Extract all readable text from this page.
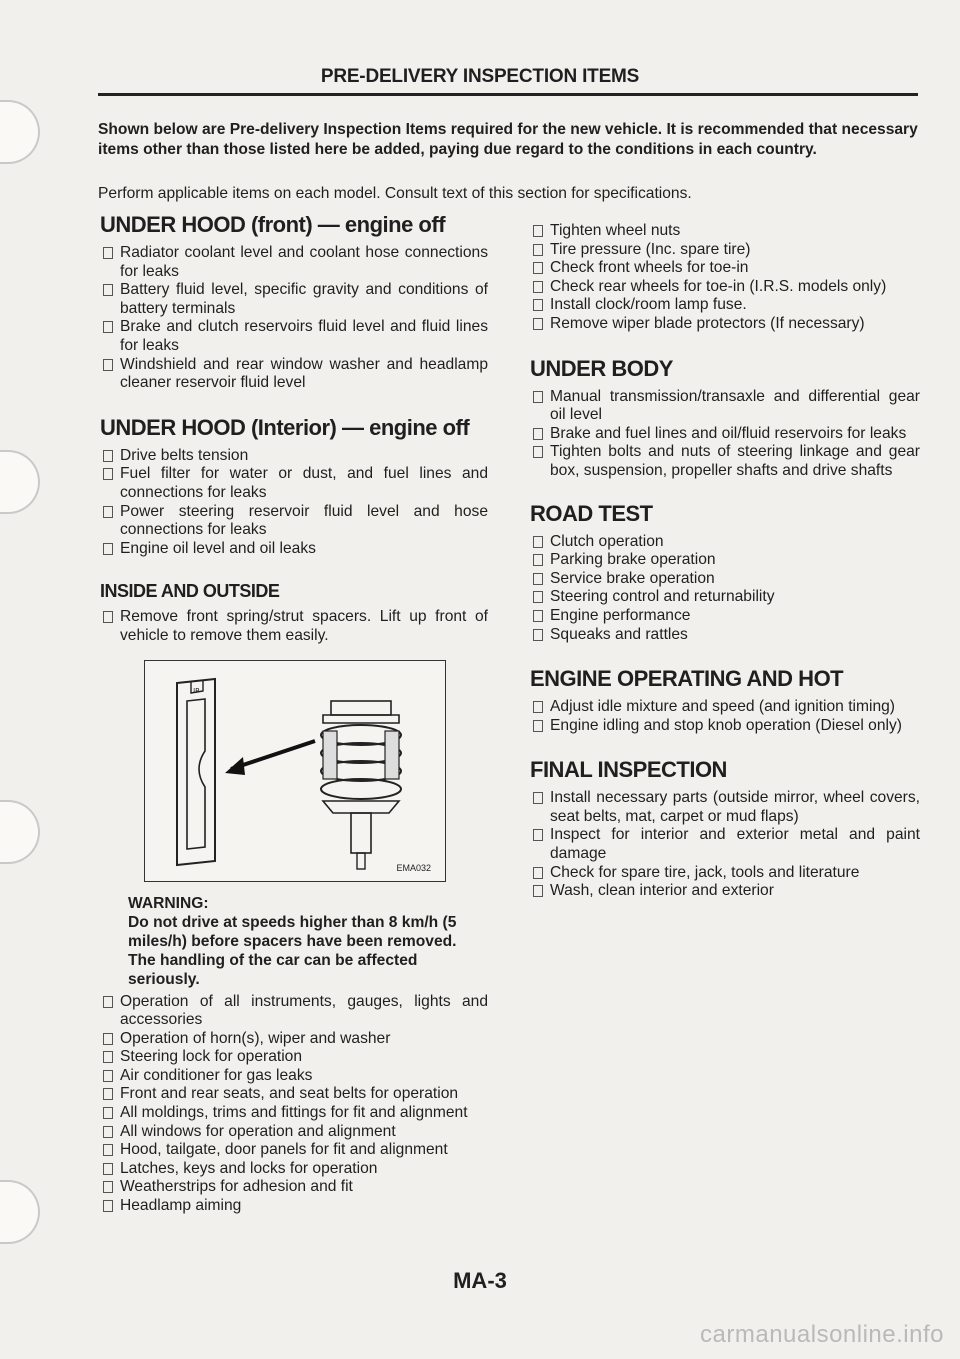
PRE-DELIVERY INSPECTION ITEMS

Shown below are Pre-delivery Inspection Items required for the new vehicle. It is recommended that necessary items other than those listed here be added, paying due regard to the conditions in each country.

Perform applicable items on each model. Consult text of this section for specifications.

UNDER HOOD (front) — engine off
Radiator coolant level and coolant hose connections for leaks
Battery fluid level, specific gravity and conditions of battery terminals
Brake and clutch reservoirs fluid level and fluid lines for leaks
Windshield and rear window washer and headlamp cleaner reservoir fluid level
UNDER HOOD (Interior) — engine off
Drive belts tension
Fuel filter for water or dust, and fuel lines and connections for leaks
Power steering reservoir fluid level and hose connections for leaks
Engine oil level and oil leaks
INSIDE AND OUTSIDE
Remove front spring/strut spacers. Lift up front of vehicle to remove them easily.
UP
EMA032

WARNING:

Do not drive at speeds higher than 8 km/h (5 miles/h) before spacers have been removed. The handling of the car can be affected seriously.

Operation of all instruments, gauges, lights and accessories
Operation of horn(s), wiper and washer
Steering lock for operation
Air conditioner for gas leaks
Front and rear seats, and seat belts for operation
All moldings, trims and fittings for fit and alignment
All windows for operation and alignment
Hood, tailgate, door panels for fit and alignment
Latches, keys and locks for operation
Weatherstrips for adhesion and fit
Headlamp aiming
Tighten wheel nuts
Tire pressure (Inc. spare tire)
Check front wheels for toe-in
Check rear wheels for toe-in (I.R.S. models only)
Install clock/room lamp fuse.
Remove wiper blade protectors (If necessary)
UNDER BODY
Manual transmission/transaxle and differential gear oil level
Brake and fuel lines and oil/fluid reservoirs for leaks
Tighten bolts and nuts of steering linkage and gear box, suspension, propeller shafts and drive shafts
ROAD TEST
Clutch operation
Parking brake operation
Service brake operation
Steering control and returnability
Engine performance
Squeaks and rattles
ENGINE OPERATING AND HOT
Adjust idle mixture and speed (and ignition timing)
Engine idling and stop knob operation (Diesel only)
FINAL INSPECTION
Install necessary parts (outside mirror, wheel covers, seat belts, mat, carpet or mud flaps)
Inspect for interior and exterior metal and paint damage
Check for spare tire, jack, tools and literature
Wash, clean interior and exterior

MA-3

carmanualsonline.info
